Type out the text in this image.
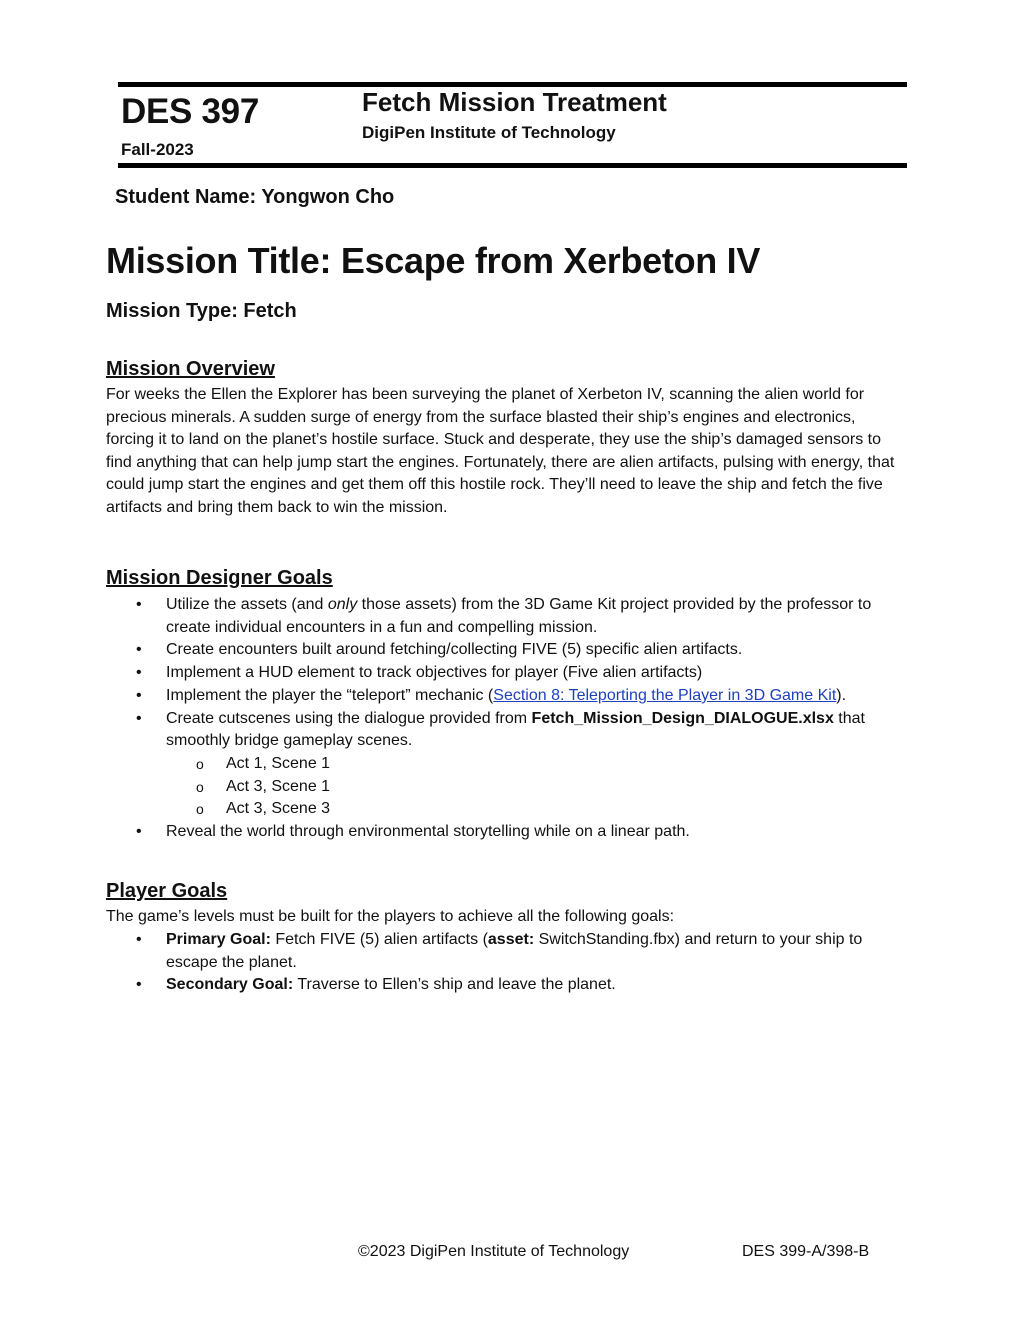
DES 397
Fall-2023
Fetch Mission Treatment
DigiPen Institute of Technology
Student Name: Yongwon Cho
Mission Title: Escape from Xerbeton IV
Mission Type: Fetch
Mission Overview

For weeks the Ellen the Explorer has been surveying the planet of Xerbeton IV, scanning the alien world for precious minerals. A sudden surge of energy from the surface blasted their ship’s engines and electronics, forcing it to land on the planet’s hostile surface. Stuck and desperate, they use the ship’s damaged sensors to find anything that can help jump start the engines. Fortunately, there are alien artifacts, pulsing with energy, that could jump start the engines and get them off this hostile rock. They’ll need to leave the ship and fetch the five artifacts and bring them back to win the mission.

Mission Designer Goals
• Utilize the assets (and only those assets) from the 3D Game Kit project provided by the professor to create individual encounters in a fun and compelling mission.
• Create encounters built around fetching/collecting FIVE (5) specific alien artifacts.
• Implement a HUD element to track objectives for player (Five alien artifacts)
• Implement the player the “teleport” mechanic (Section 8: Teleporting the Player in 3D Game Kit).
• Create cutscenes using the dialogue provided from Fetch_Mission_Design_DIALOGUE.xlsx that smoothly bridge gameplay scenes.
o Act 1, Scene 1
o Act 3, Scene 1
o Act 3, Scene 3
• Reveal the world through environmental storytelling while on a linear path.
Player Goals
The game’s levels must be built for the players to achieve all the following goals:
• Primary Goal: Fetch FIVE (5) alien artifacts (asset: SwitchStanding.fbx) and return to your ship to escape the planet.
• Secondary Goal: Traverse to Ellen’s ship and leave the planet.
©2023 DigiPen Institute of Technology	DES 399-A/398-B
